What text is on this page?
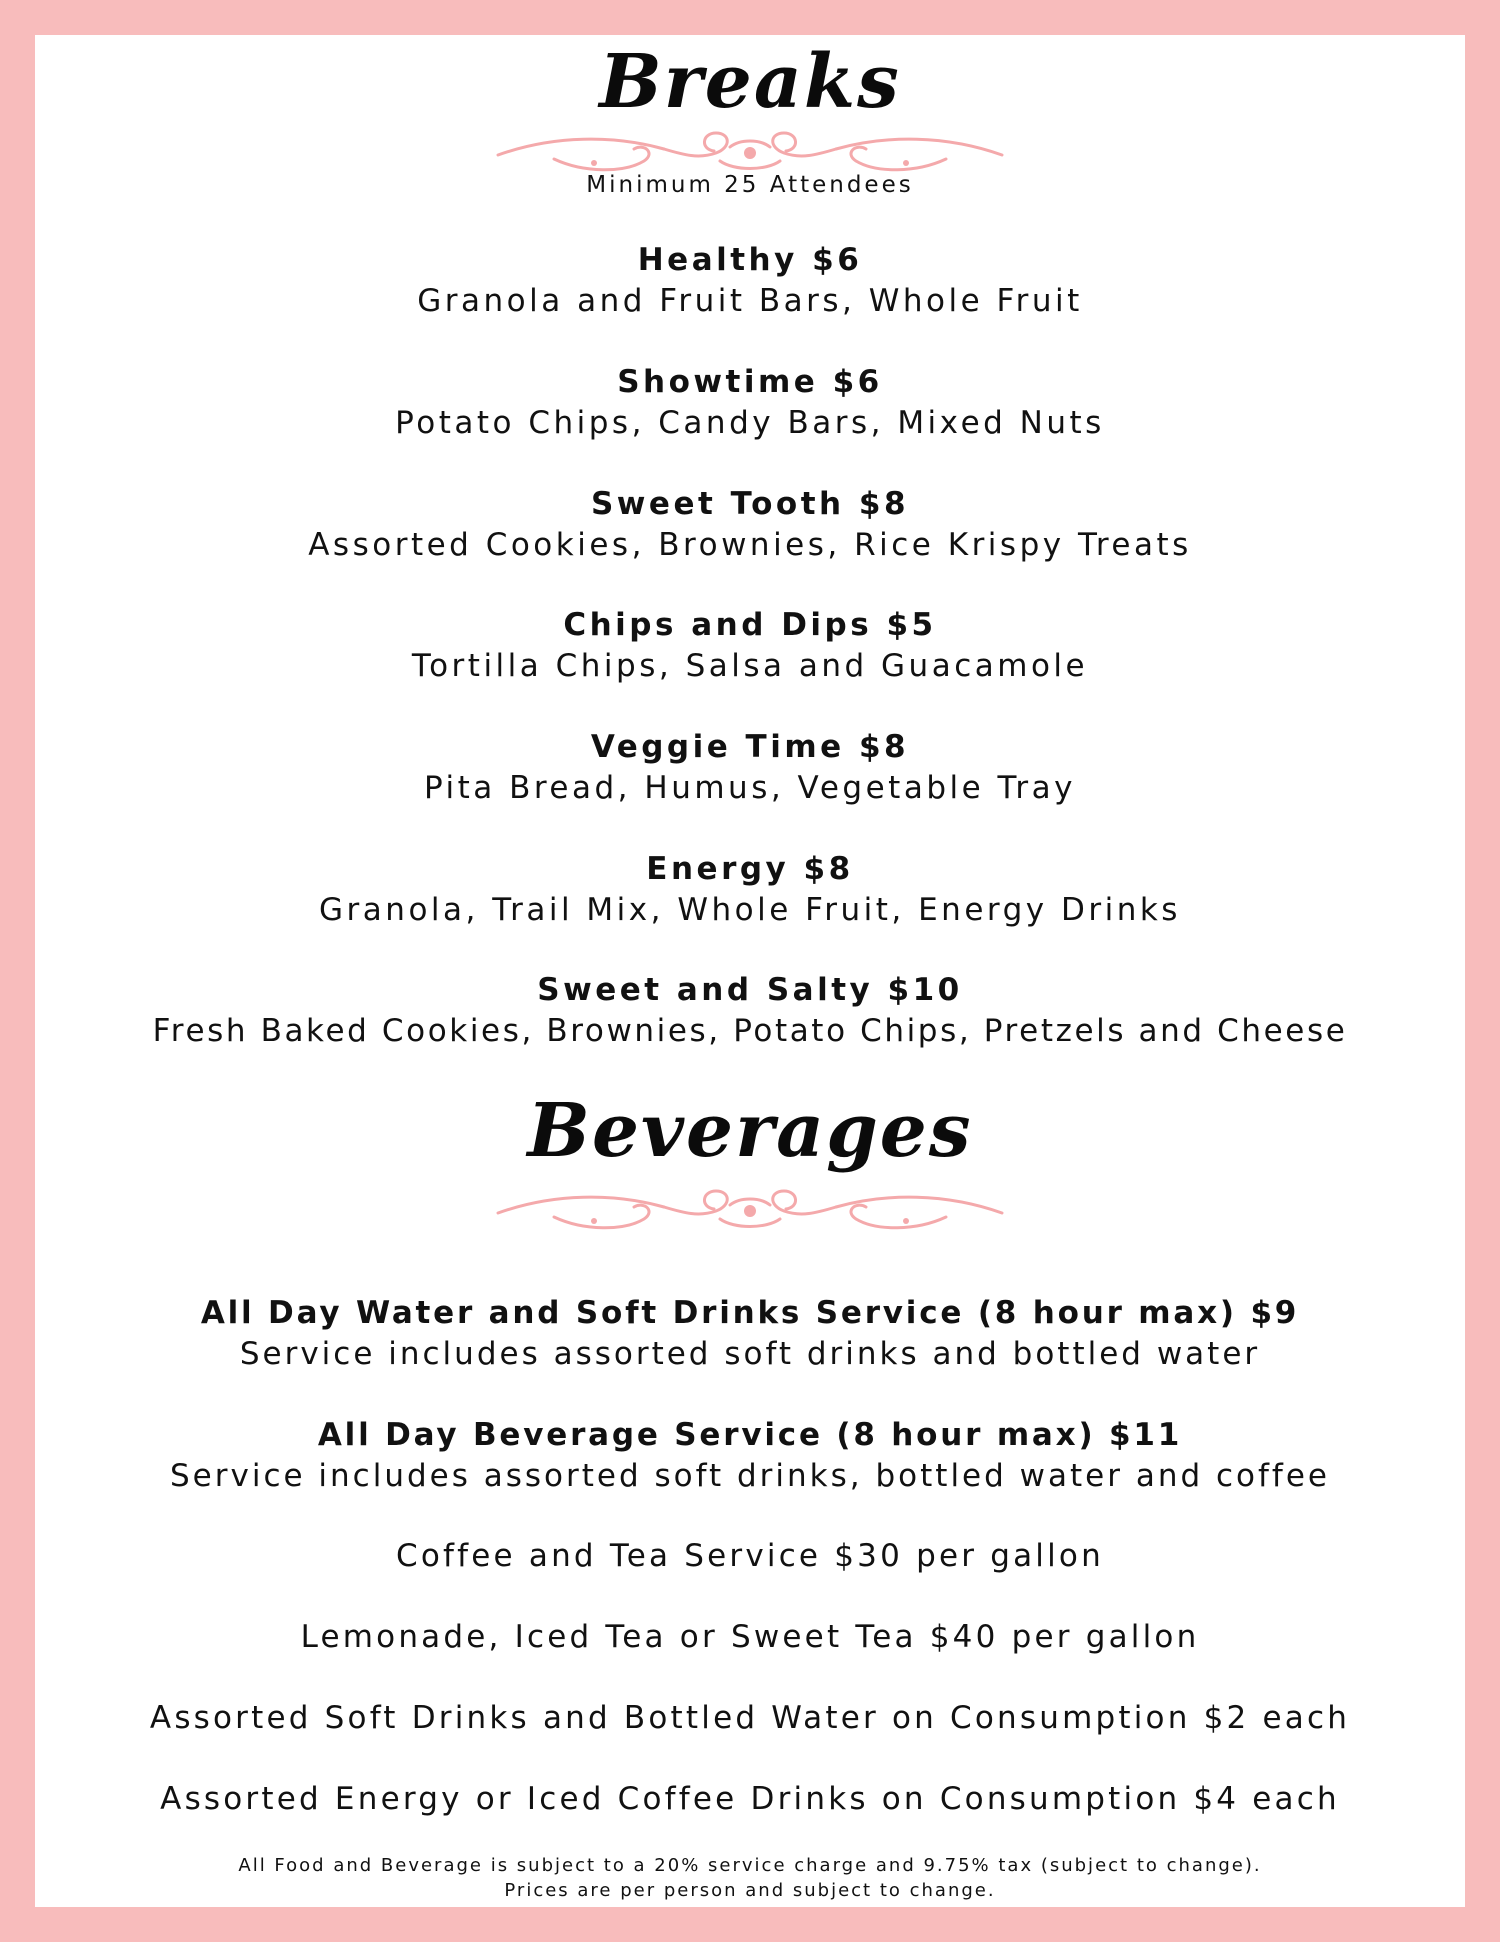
Breaks

Minimum 25 Attendees

Healthy $6

Granola and Fruit Bars, Whole Fruit

Showtime $6

Potato Chips, Candy Bars, Mixed Nuts

Sweet Tooth $8

Assorted Cookies, Brownies, Rice Krispy Treats

Chips and Dips $5

Tortilla Chips, Salsa and Guacamole

Veggie Time $8

Pita Bread, Humus, Vegetable Tray

Energy $8

Granola, Trail Mix, Whole Fruit, Energy Drinks

Sweet and Salty $10

Fresh Baked Cookies, Brownies, Potato Chips, Pretzels and Cheese

Beverages

All Day Water and Soft Drinks Service (8 hour max) $9

Service includes assorted soft drinks and bottled water

All Day Beverage Service (8 hour max) $11

Service includes assorted soft drinks, bottled water and coffee

Coffee and Tea Service $30 per gallon

Lemonade, Iced Tea or Sweet Tea $40 per gallon

Assorted Soft Drinks and Bottled Water on Consumption $2 each

Assorted Energy or Iced Coffee Drinks on Consumption $4 each

All Food and Beverage is subject to a 20% service charge and 9.75% tax (subject to change).
Prices are per person and subject to change.
